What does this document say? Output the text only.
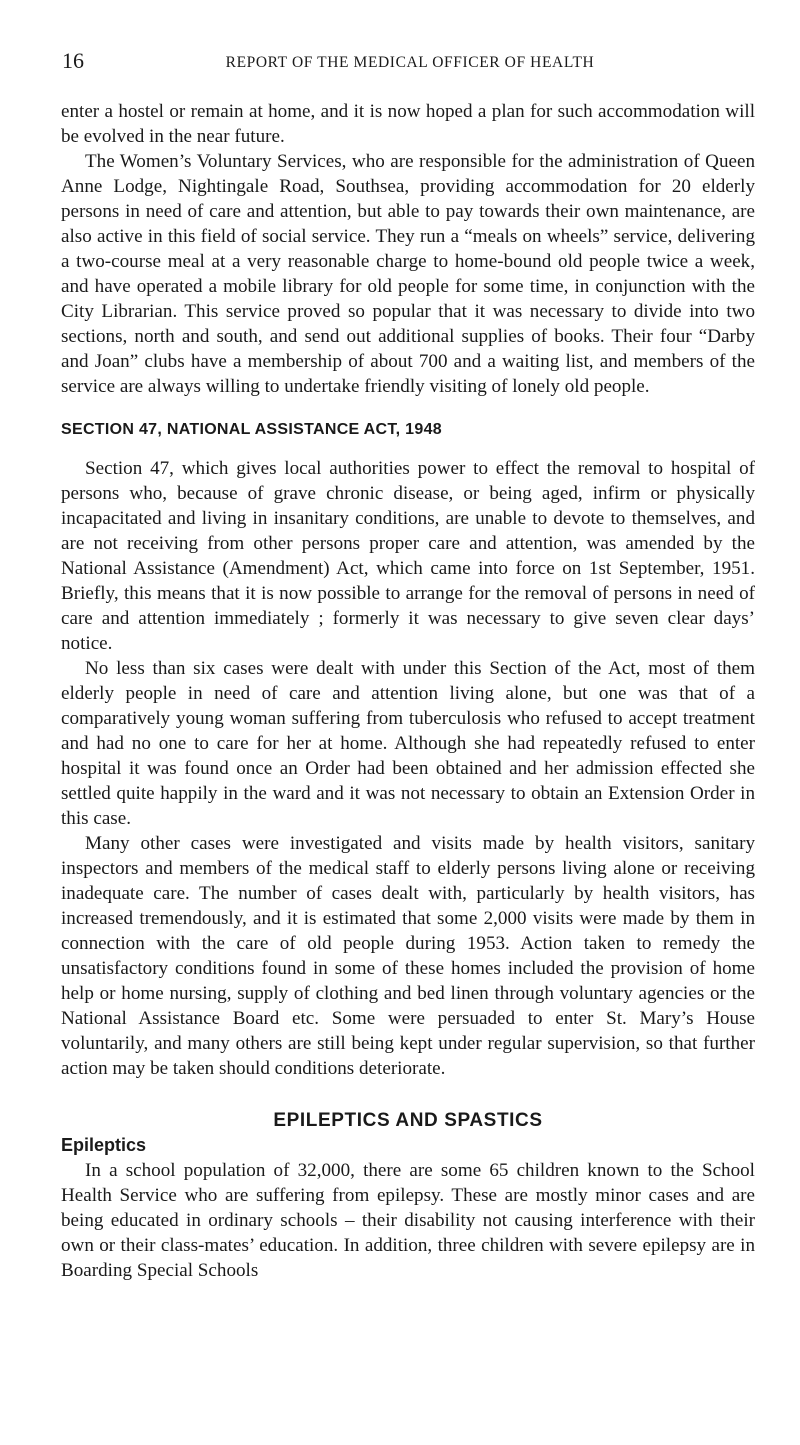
16	REPORT OF THE MEDICAL OFFICER OF HEALTH

enter a hostel or remain at home, and it is now hoped a plan for such accommodation will be evolved in the near future.

The Women’s Voluntary Services, who are responsible for the administration of Queen Anne Lodge, Nightingale Road, Southsea, providing accommodation for 20 elderly persons in need of care and attention, but able to pay towards their own maintenance, are also active in this field of social service. They run a “meals on wheels” service, delivering a two-course meal at a very reasonable charge to home-bound old people twice a week, and have operated a mobile library for old people for some time, in conjunction with the City Librarian. This service proved so popular that it was necessary to divide into two sections, north and south, and send out additional supplies of books. Their four “Darby and Joan” clubs have a membership of about 700 and a waiting list, and members of the service are always willing to undertake friendly visiting of lonely old people.

SECTION 47, NATIONAL ASSISTANCE ACT, 1948

Section 47, which gives local authorities power to effect the removal to hospital of persons who, because of grave chronic disease, or being aged, infirm or physically incapacitated and living in insanitary conditions, are unable to devote to themselves, and are not receiving from other persons proper care and attention, was amended by the National Assistance (Amendment) Act, which came into force on 1st September, 1951. Briefly, this means that it is now possible to arrange for the removal of persons in need of care and attention immediately ; formerly it was necessary to give seven clear days’ notice.

No less than six cases were dealt with under this Section of the Act, most of them elderly people in need of care and attention living alone, but one was that of a comparatively young woman suffering from tuberculosis who refused to accept treatment and had no one to care for her at home. Although she had repeatedly refused to enter hospital it was found once an Order had been obtained and her admission effected she settled quite happily in the ward and it was not necessary to obtain an Extension Order in this case.

Many other cases were investigated and visits made by health visitors, sanitary inspectors and members of the medical staff to elderly persons living alone or receiving inadequate care. The number of cases dealt with, particularly by health visitors, has increased tremendously, and it is estimated that some 2,000 visits were made by them in connection with the care of old people during 1953. Action taken to remedy the unsatisfactory conditions found in some of these homes included the provision of home help or home nursing, supply of clothing and bed linen through voluntary agencies or the National Assistance Board etc. Some were persuaded to enter St. Mary’s House voluntarily, and many others are still being kept under regular supervision, so that further action may be taken should conditions deteriorate.

EPILEPTICS AND SPASTICS
Epileptics

In a school population of 32,000, there are some 65 children known to the School Health Service who are suffering from epilepsy. These are mostly minor cases and are being educated in ordinary schools – their disability not causing interference with their own or their class-mates’ education. In addition, three children with severe epilepsy are in Boarding Special Schools
